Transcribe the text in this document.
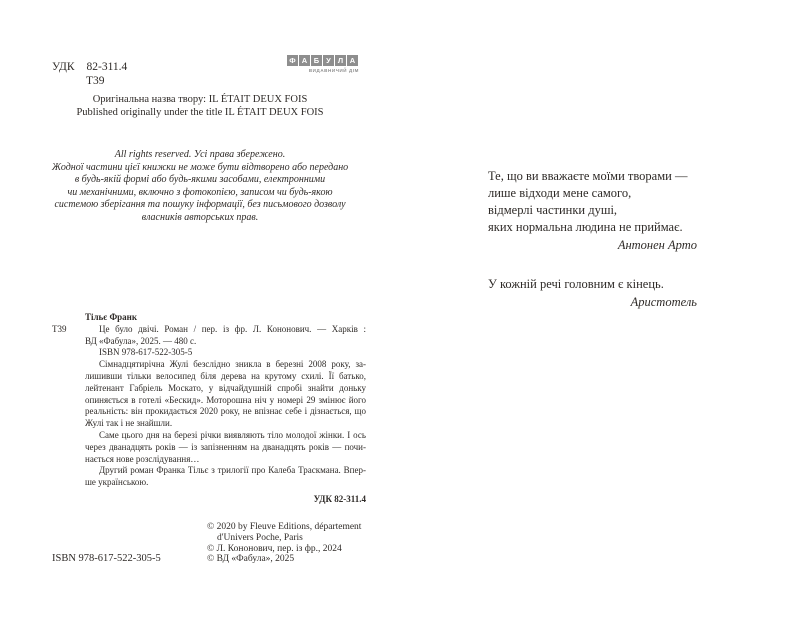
УДК 82-311.4
Т39
Ф А Б У Л А
ВИДАВНИЧИЙ ДІМ
Оригінальна назва твору: IL ÉTAIT DEUX FOIS
Published originally under the title IL ÉTAIT DEUX FOIS
All rights reserved. Усі права збережено.
Жодної частини цієї книжки не може бути відтворено або передано
в будь-якій формі або будь-якими засобами, електронними
чи механічними, включно з фотокопією, записом чи будь-якою
системою зберігання та пошуку інформації, без письмового дозволу
власників авторських прав.
Тільє Франк
Т39	Це було двічі. Роман / пер. із фр. Л. Кононович. — Харків :
ВД «Фабула», 2025. — 480 с.
ISBN 978-617-522-305-5
Сімнадцятирічна Жулі безслідно зникла в березні 2008 року, за-
лишивши тільки велосипед біля дерева на крутому схилі. Її батько,
лейтенант Габріель Москато, у відчайдушній спробі знайти доньку
опиняється в готелі «Бескид». Моторошна ніч у номері 29 змінює його
реальність: він прокидається 2020 року, не впізнає себе і дізнається, що
Жулі так і не знайшли.
Саме цього дня на березі річки виявляють тіло молодої жінки. І ось
через дванадцять років — із запізненням на дванадцять років — почи-
нається нове розслідування…
Другий роман Франка Тільє з трилогії про Калеба Траскмана. Впер-
ше українською.
УДК 82-311.4
© 2020 by Fleuve Editions, département
d'Univers Poche, Paris
© Л. Кононович, пер. із фр., 2024
© ВД «Фабула», 2025
ISBN 978-617-522-305-5
Те, що ви вважаєте моїми творами —
лише відходи мене самого,
відмерлі частинки душі,
яких нормальна людина не приймає.
Антонен Арто
У кожній речі головним є кінець.
Аристотель
